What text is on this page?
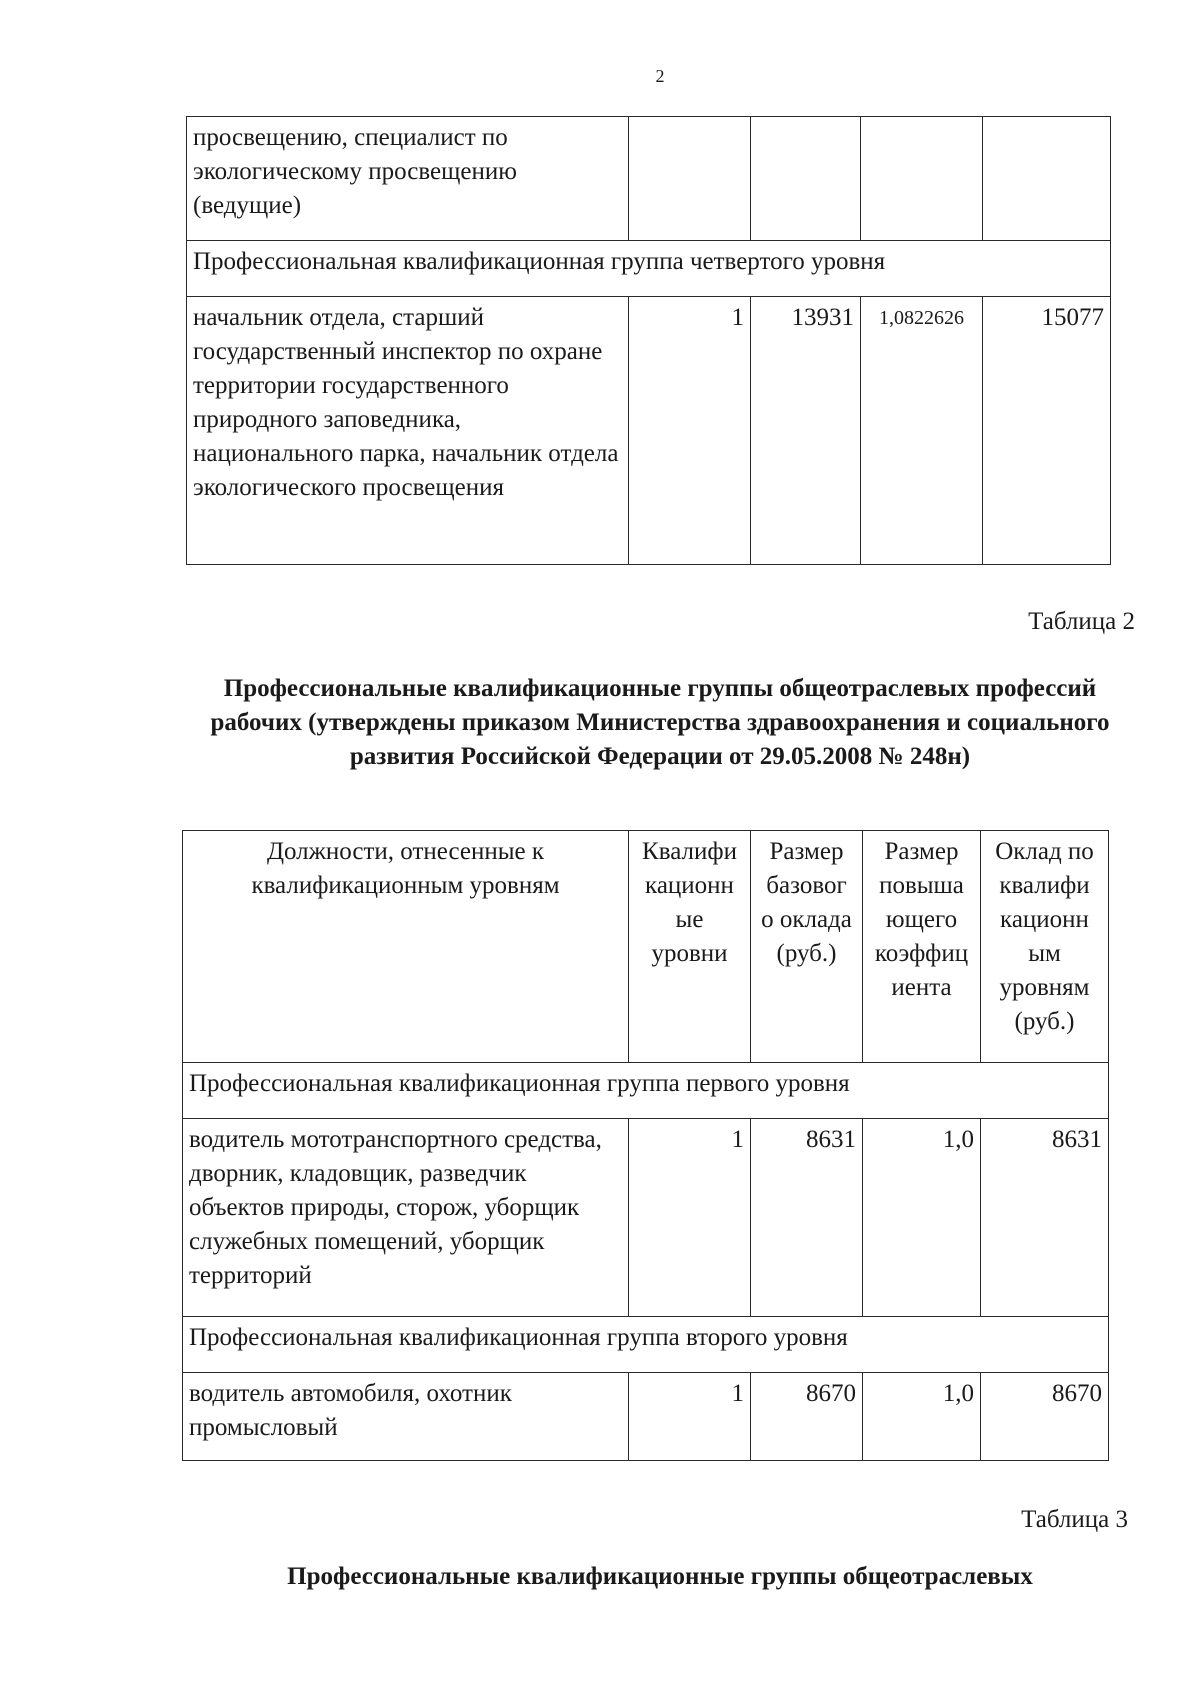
2
просвещению, специалист по экологическому просвещению (ведущие)				
Профессиональная квалификационная группа четвертого уровня				
начальник отдела, старший государственный инспектор по охране территории государственного природного заповедника, национального парка, начальник отдела экологического просвещения	1	13931	1,0822626	15077
Таблица 2
Профессиональные квалификационные группы общеотраслевых профессий рабочих (утверждены приказом Министерства здравоохранения и социального развития Российской Федерации от 29.05.2008 № 248н)
Должности, отнесенные к квалификационным уровням	Квалифи кационн ые уровни	Размер базовог о оклада (руб.)	Размер повыша ющего коэффиц иента	Оклад по квалифи кационн ым уровням (руб.)
Профессиональная квалификационная группа первого уровня				
водитель мототранспортного средства, дворник, кладовщик, разведчик объектов природы, сторож, уборщик служебных помещений, уборщик территорий	1	8631	1,0	8631
Профессиональная квалификационная группа второго уровня				
водитель автомобиля, охотник промысловый	1	8670	1,0	8670
Таблица 3
Профессиональные квалификационные группы общеотраслевых
